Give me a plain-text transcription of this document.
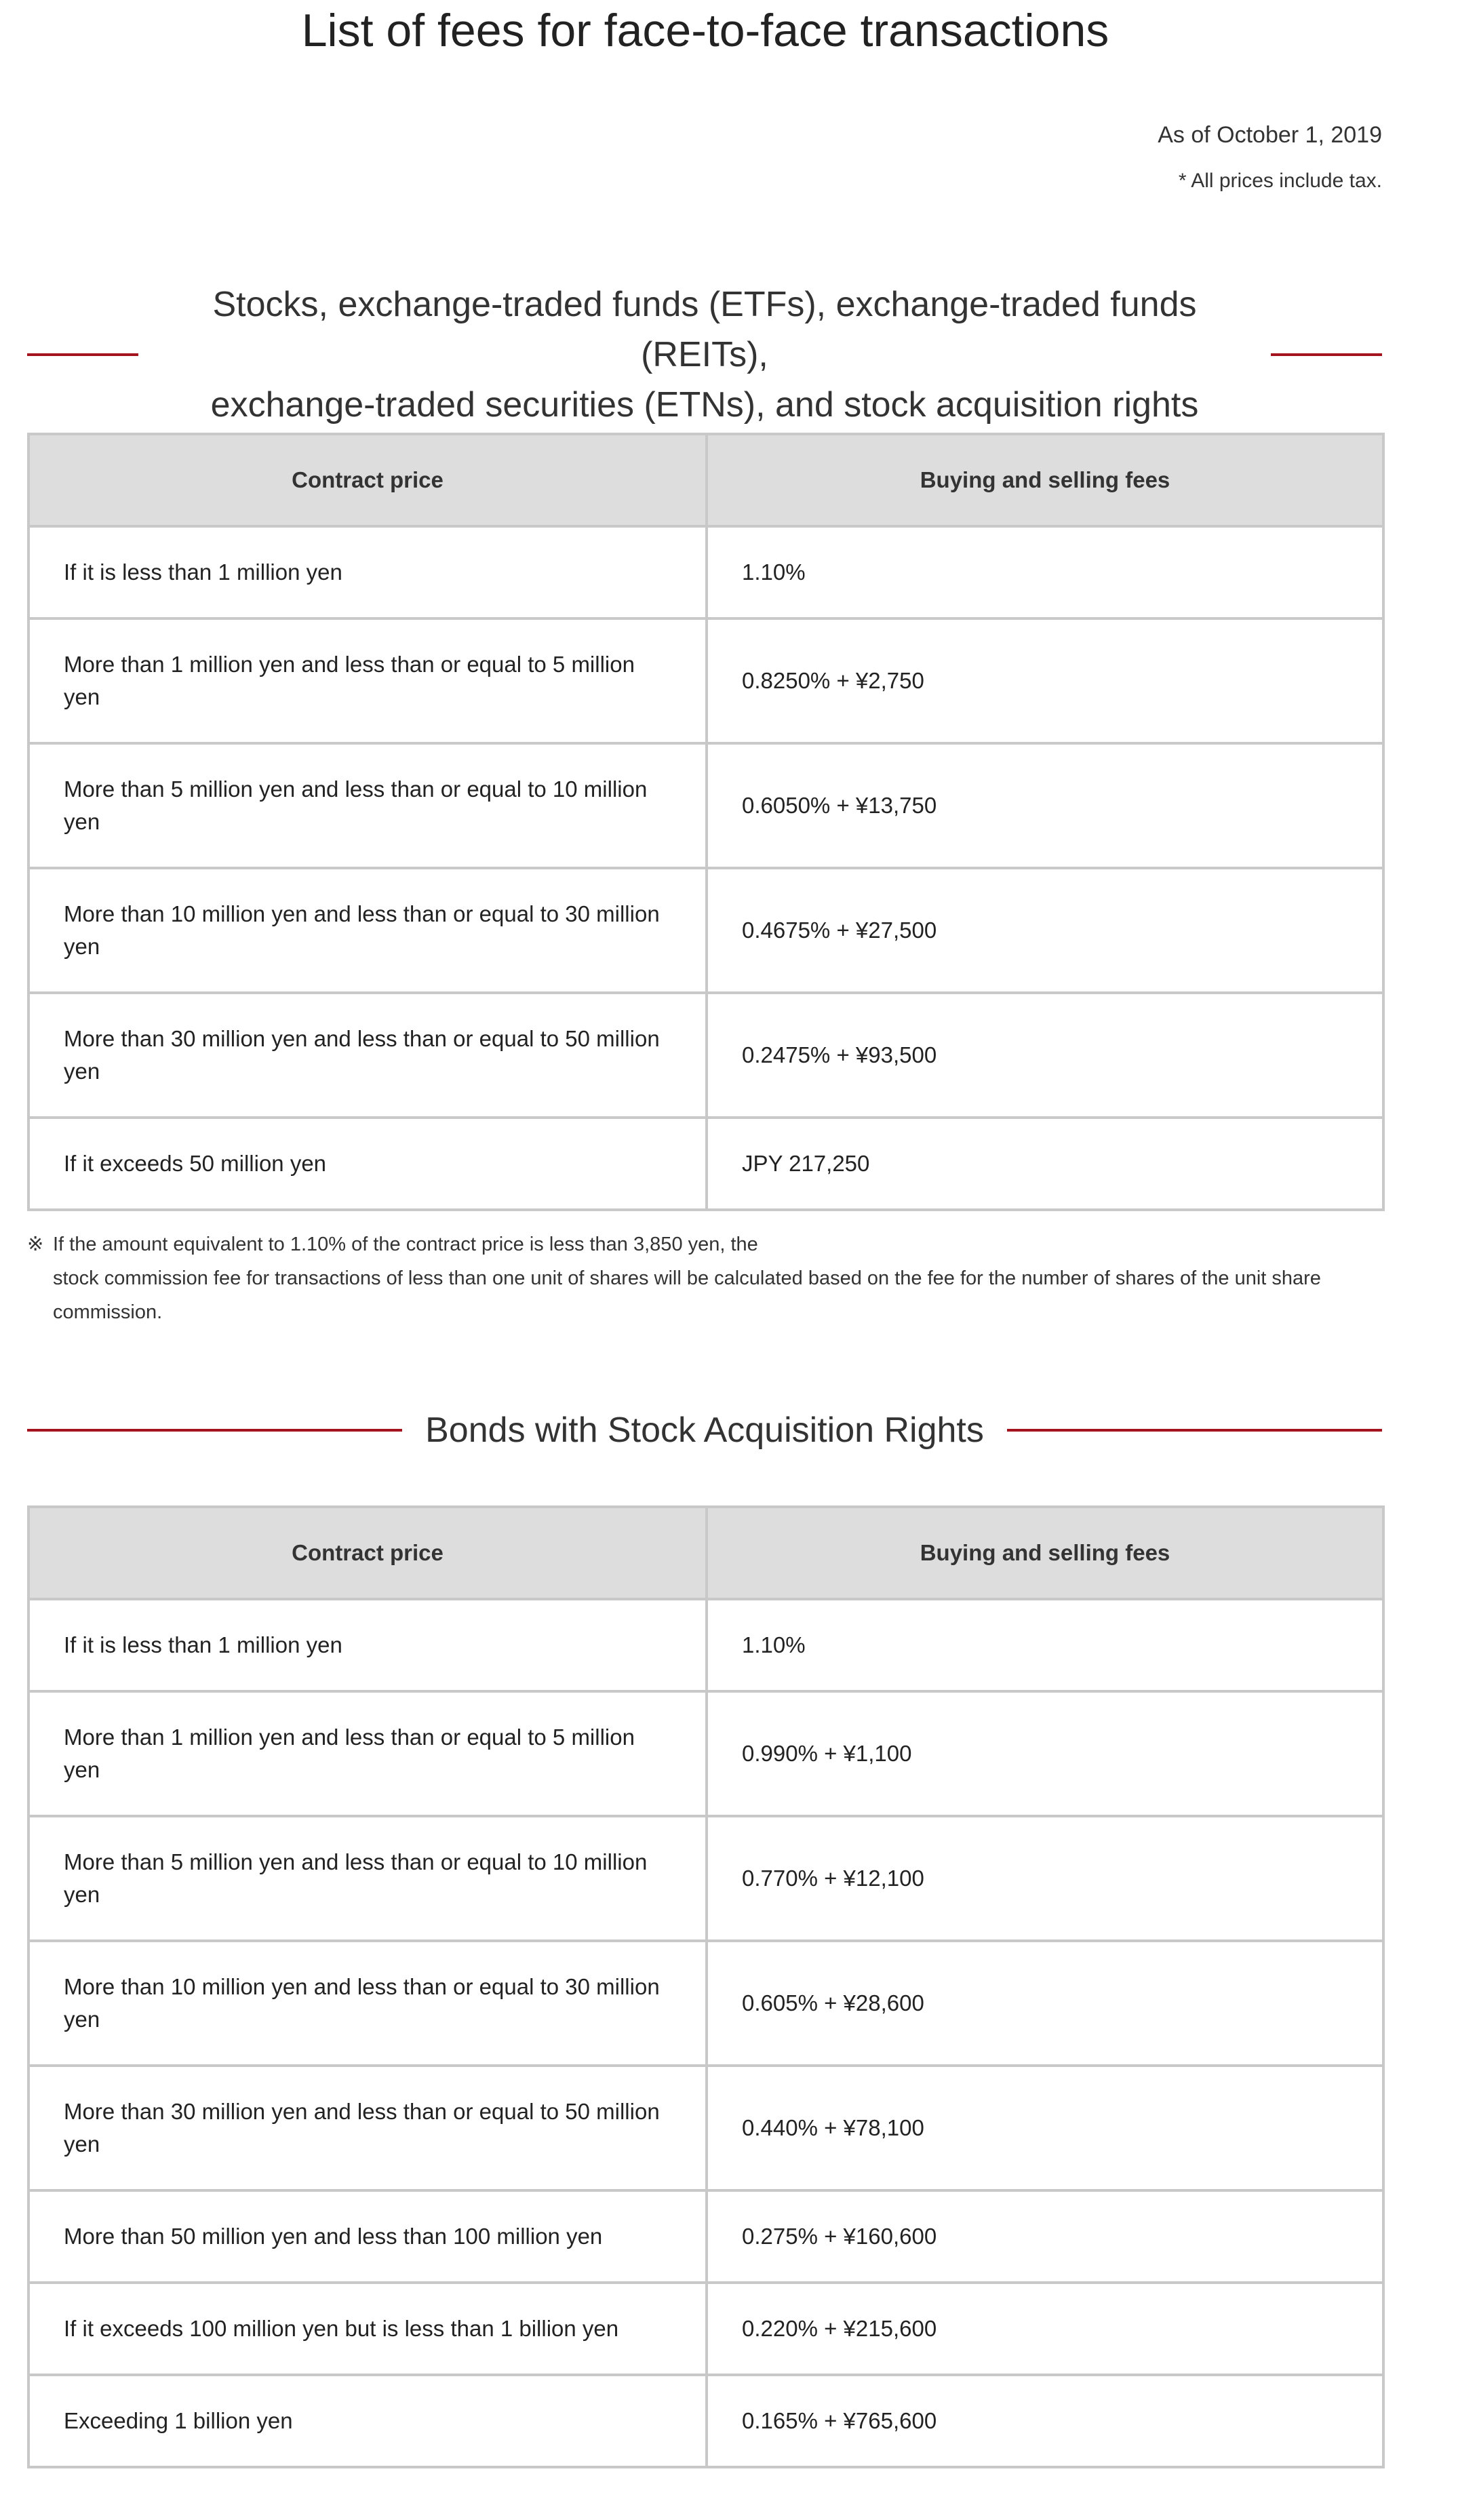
List of fees for face-to-face transactions
As of October 1, 2019
* All prices include tax.
Stocks, exchange-traded funds (ETFs), exchange-traded funds (REITs),
exchange-traded securities (ETNs), and stock acquisition rights
Contract price	Buying and selling fees
If it is less than 1 million yen	1.10%
More than 1 million yen and less than or equal to 5 million yen	0.8250% + ¥2,750
More than 5 million yen and less than or equal to 10 million yen	0.6050% + ¥13,750
More than 10 million yen and less than or equal to 30 million yen	0.4675% + ¥27,500
More than 30 million yen and less than or equal to 50 million yen	0.2475% + ¥93,500
If it exceeds 50 million yen	JPY 217,250
※ If the amount equivalent to 1.10% of the contract price is less than 3,850 yen, the
stock commission fee for transactions of less than one unit of shares will be calculated based on the fee for the number of shares of the unit share
commission.
Bonds with Stock Acquisition Rights
Contract price	Buying and selling fees
If it is less than 1 million yen	1.10%
More than 1 million yen and less than or equal to 5 million yen	0.990% + ¥1,100
More than 5 million yen and less than or equal to 10 million yen	0.770% + ¥12,100
More than 10 million yen and less than or equal to 30 million yen	0.605% + ¥28,600
More than 30 million yen and less than or equal to 50 million yen	0.440% + ¥78,100
More than 50 million yen and less than 100 million yen	0.275% + ¥160,600
If it exceeds 100 million yen but is less than 1 billion yen	0.220% + ¥215,600
Exceeding 1 billion yen	0.165% + ¥765,600
